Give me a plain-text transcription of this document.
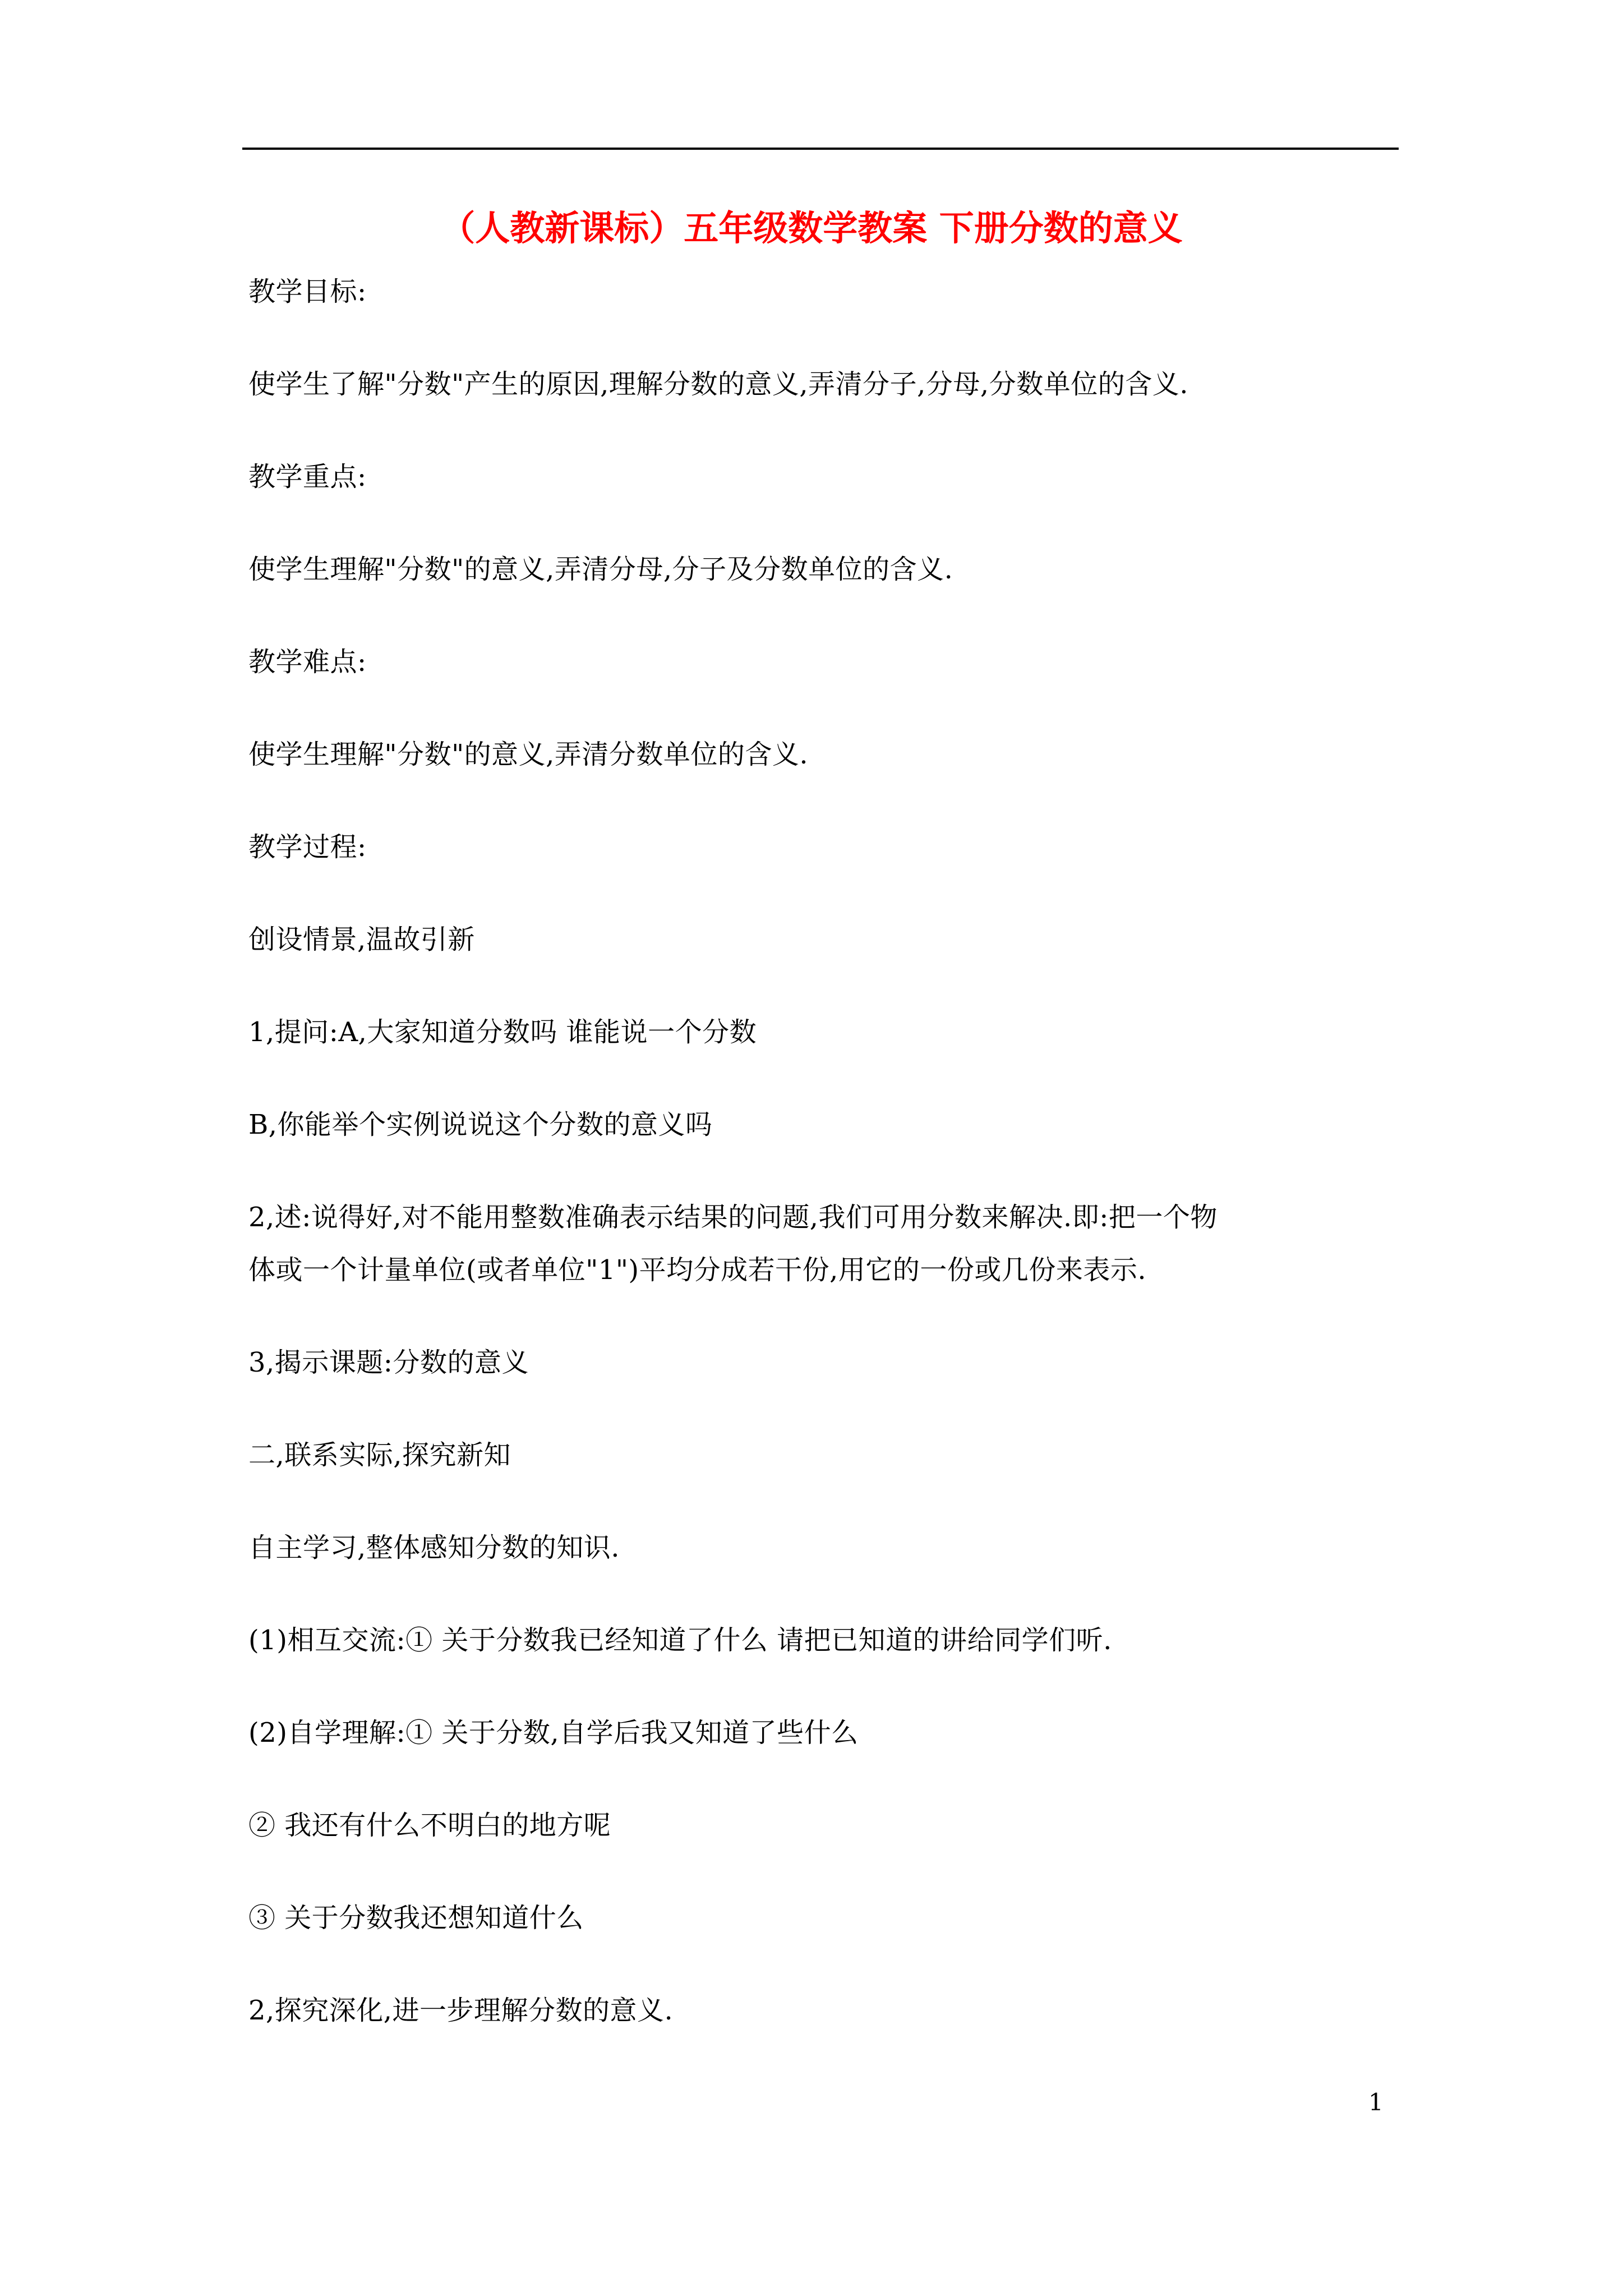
（人教新课标）五年级数学教案 下册分数的意义
教学目标:
使学生了解"分数"产生的原因,理解分数的意义,弄清分子,分母,分数单位的含义.
教学重点:
使学生理解"分数"的意义,弄清分母,分子及分数单位的含义.
教学难点:
使学生理解"分数"的意义,弄清分数单位的含义.
教学过程:
创设情景,温故引新
1,提问:A,大家知道分数吗 谁能说一个分数
B,你能举个实例说说这个分数的意义吗
2,述:说得好,对不能用整数准确表示结果的问题,我们可用分数来解决.即:把一个物
体或一个计量单位(或者单位"1")平均分成若干份,用它的一份或几份来表示.
3,揭示课题:分数的意义
二,联系实际,探究新知
自主学习,整体感知分数的知识.
(1)相互交流:① 关于分数我已经知道了什么 请把已知道的讲给同学们听.
(2)自学理解:① 关于分数,自学后我又知道了些什么
② 我还有什么不明白的地方呢
③ 关于分数我还想知道什么
2,探究深化,进一步理解分数的意义.
1
